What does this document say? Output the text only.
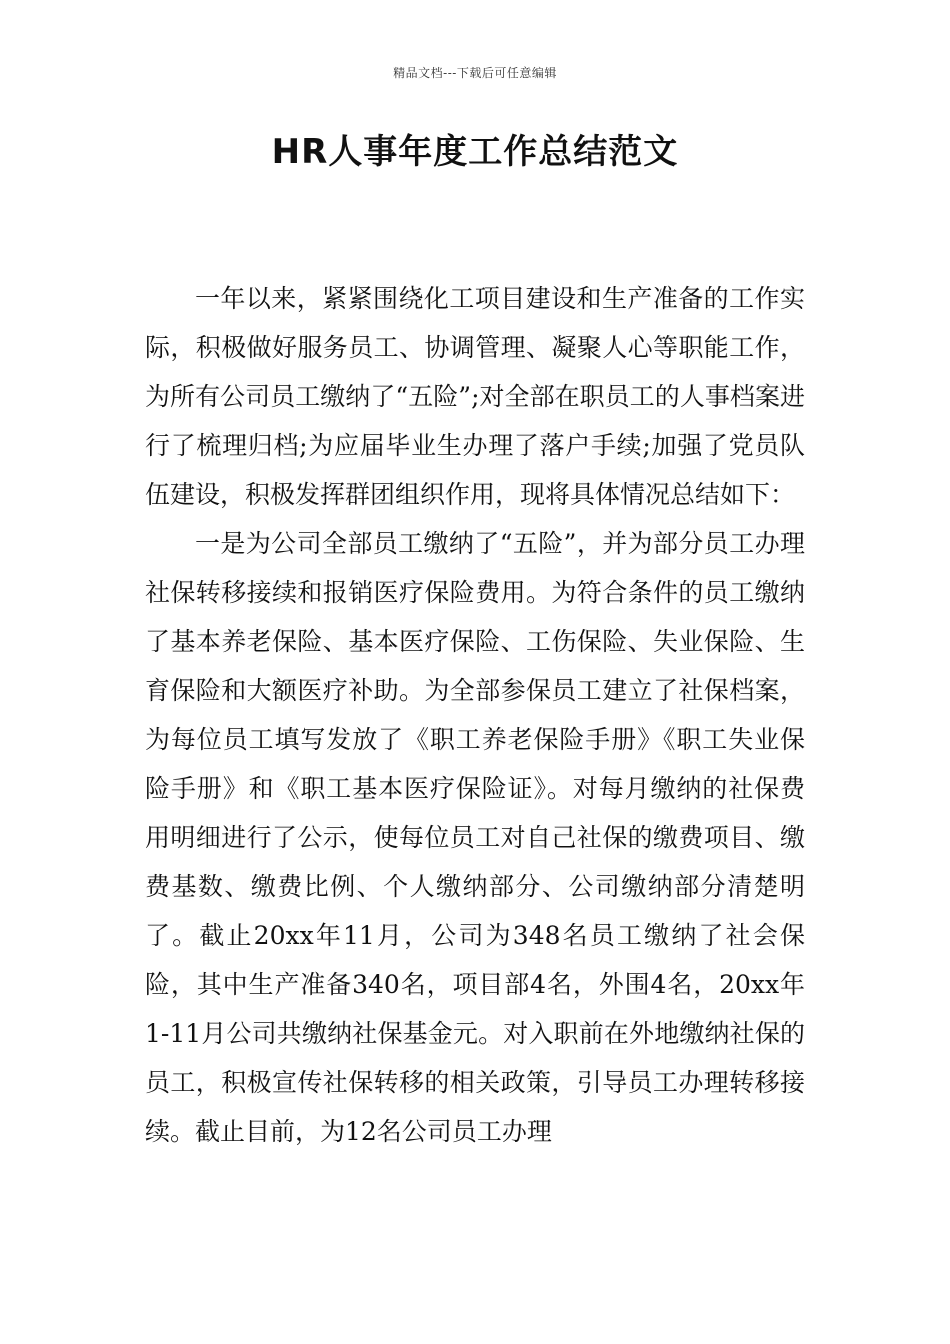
精品文档---下载后可任意编辑
HR人事年度工作总结范文

一年以来，紧紧围绕化工项目建设和生产准备的工作实际，积极做好服务员工、协调管理、凝聚人心等职能工作，为所有公司员工缴纳了“五险”;对全部在职员工的人事档案进行了梳理归档;为应届毕业生办理了落户手续;加强了党员队伍建设，积极发挥群团组织作用，现将具体情况总结如下：

一是为公司全部员工缴纳了“五险”，并为部分员工办理社保转移接续和报销医疗保险费用。为符合条件的员工缴纳了基本养老保险、基本医疗保险、工伤保险、失业保险、生育保险和大额医疗补助。为全部参保员工建立了社保档案，为每位员工填写发放了《职工养老保险手册》《职工失业保险手册》和《职工基本医疗保险证》。对每月缴纳的社保费用明细进行了公示，使每位员工对自己社保的缴费项目、缴费基数、缴费比例、个人缴纳部分、公司缴纳部分清楚明了。截止20xx年11月，公司为348名员工缴纳了社会保险，其中生产准备340名，项目部4名，外围4名，20xx年1-11月公司共缴纳社保基金元。对入职前在外地缴纳社保的员工，积极宣传社保转移的相关政策，引导员工办理转移接续。截止目前，为12名公司员工办理
